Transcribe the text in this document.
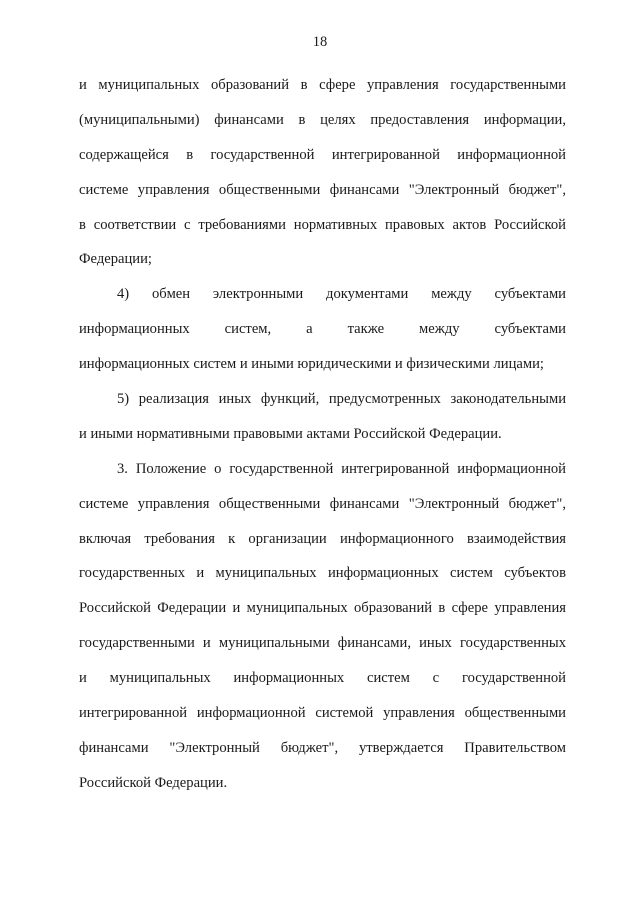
18
и муниципальных образований в сфере управления государственными
(муниципальными) финансами в целях предоставления информации,
содержащейся в государственной интегрированной информационной
системе управления общественными финансами "Электронный бюджет",
в соответствии с требованиями нормативных правовых актов Российской
Федерации;
4) обмен электронными документами между субъектами
информационных систем, а также между субъектами
информационных систем и иными юридическими и физическими лицами;
5) реализация иных функций, предусмотренных законодательными
и иными нормативными правовыми актами Российской Федерации.
3. Положение о государственной интегрированной информационной
системе управления общественными финансами "Электронный бюджет",
включая требования к организации информационного взаимодействия
государственных и муниципальных информационных систем субъектов
Российской Федерации и муниципальных образований в сфере управления
государственными и муниципальными финансами, иных государственных
и муниципальных информационных систем с государственной
интегрированной информационной системой управления общественными
финансами "Электронный бюджет", утверждается Правительством
Российской Федерации.
